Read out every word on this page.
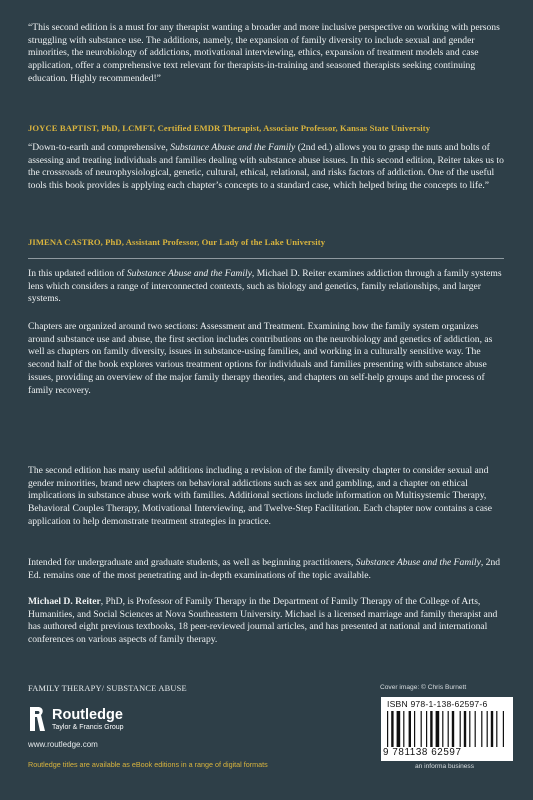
“This second edition is a must for any therapist wanting a broader and more inclusive perspective on working with persons struggling with substance use. The additions, namely, the expansion of family diversity to include sexual and gender minorities, the neurobiology of addictions, motivational interviewing, ethics, expansion of treatment models and case application, offer a comprehensive text relevant for therapists-in-training and seasoned therapists seeking continuing education. Highly recommended!”
JOYCE BAPTIST, PhD, LCMFT, Certified EMDR Therapist, Associate Professor, Kansas State University
“Down-to-earth and comprehensive, Substance Abuse and the Family (2nd ed.) allows you to grasp the nuts and bolts of assessing and treating individuals and families dealing with substance abuse issues. In this second edition, Reiter takes us to the crossroads of neurophysiological, genetic, cultural, ethical, relational, and risks factors of addiction. One of the useful tools this book provides is applying each chapter’s concepts to a standard case, which helped bring the concepts to life.”
JIMENA CASTRO, PhD, Assistant Professor, Our Lady of the Lake University
In this updated edition of Substance Abuse and the Family, Michael D. Reiter examines addiction through a family systems lens which considers a range of interconnected contexts, such as biology and genetics, family relationships, and larger systems.
Chapters are organized around two sections: Assessment and Treatment. Examining how the family system organizes around substance use and abuse, the first section includes contributions on the neurobiology and genetics of addiction, as well as chapters on family diversity, issues in substance-using families, and working in a culturally sensitive way. The second half of the book explores various treatment options for individuals and families presenting with substance abuse issues, providing an overview of the major family therapy theories, and chapters on self-help groups and the process of family recovery.
The second edition has many useful additions including a revision of the family diversity chapter to consider sexual and gender minorities, brand new chapters on behavioral addictions such as sex and gambling, and a chapter on ethical implications in substance abuse work with families. Additional sections include information on Multisystemic Therapy, Behavioral Couples Therapy, Motivational Interviewing, and Twelve-Step Facilitation. Each chapter now contains a case application to help demonstrate treatment strategies in practice.
Intended for undergraduate and graduate students, as well as beginning practitioners, Substance Abuse and the Family, 2nd Ed. remains one of the most penetrating and in-depth examinations of the topic available.
Michael D. Reiter, PhD, is Professor of Family Therapy in the Department of Family Therapy of the College of Arts, Humanities, and Social Sciences at Nova Southeastern University. Michael is a licensed marriage and family therapist and has authored eight previous textbooks, 18 peer-reviewed journal articles, and has presented at national and international conferences on various aspects of family therapy.
FAMILY THERAPY/ SUBSTANCE ABUSE
Routledge
Taylor & Francis Group
www.routledge.com
Routledge titles are available as eBook editions in a range of digital formats
Cover image: © Chris Burnett
ISBN 978-1-138-62597-6
9 781138 62597
an informa business
